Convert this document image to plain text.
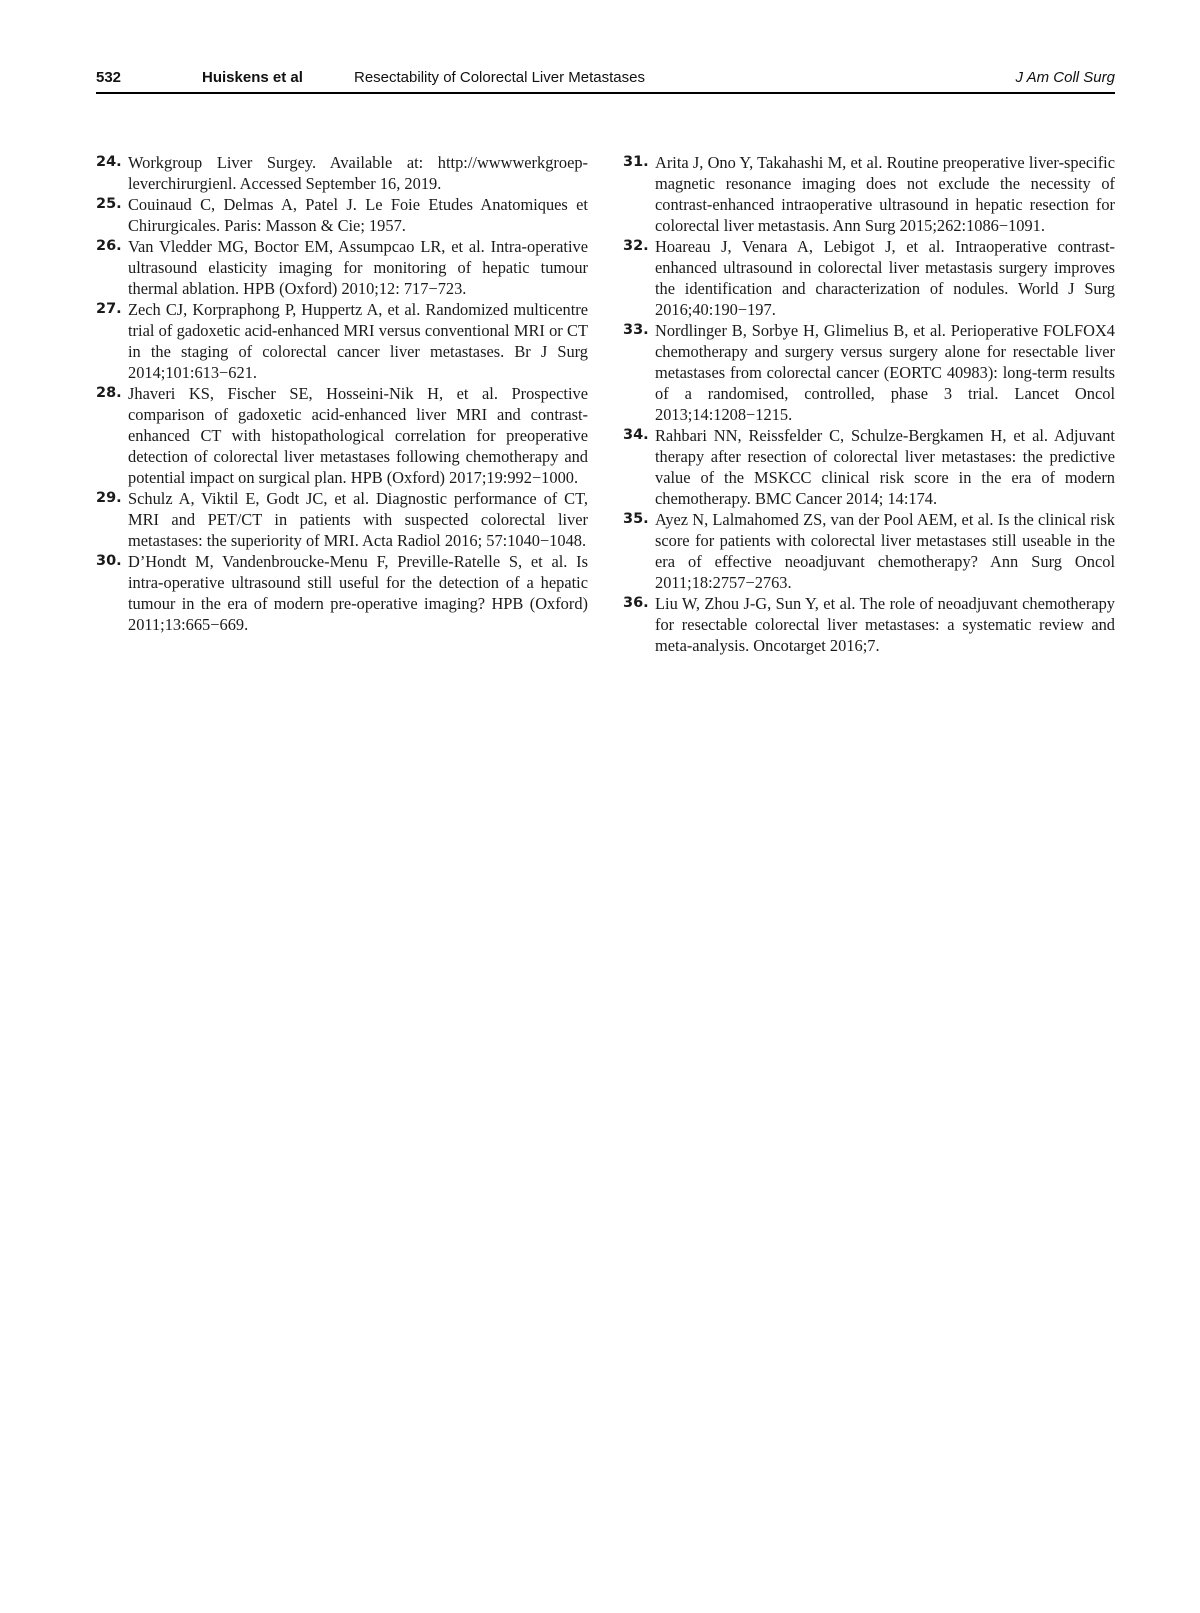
532	Huiskens et al	Resectability of Colorectal Liver Metastases	J Am Coll Surg

24. Workgroup Liver Surgey. Available at: http://wwwwerkgroep-leverchirurgienl. Accessed September 16, 2019.

25. Couinaud C, Delmas A, Patel J. Le Foie Etudes Anatomiques et Chirurgicales. Paris: Masson & Cie; 1957.

26. Van Vledder MG, Boctor EM, Assumpcao LR, et al. Intra-operative ultrasound elasticity imaging for monitoring of hepatic tumour thermal ablation. HPB (Oxford) 2010;12: 717−723.

27. Zech CJ, Korpraphong P, Huppertz A, et al. Randomized multicentre trial of gadoxetic acid-enhanced MRI versus conventional MRI or CT in the staging of colorectal cancer liver metastases. Br J Surg 2014;101:613−621.

28. Jhaveri KS, Fischer SE, Hosseini-Nik H, et al. Prospective comparison of gadoxetic acid-enhanced liver MRI and contrast-enhanced CT with histopathological correlation for preoperative detection of colorectal liver metastases following chemotherapy and potential impact on surgical plan. HPB (Oxford) 2017;19:992−1000.

29. Schulz A, Viktil E, Godt JC, et al. Diagnostic performance of CT, MRI and PET/CT in patients with suspected colorectal liver metastases: the superiority of MRI. Acta Radiol 2016; 57:1040−1048.

30. D’Hondt M, Vandenbroucke-Menu F, Preville-Ratelle S, et al. Is intra-operative ultrasound still useful for the detection of a hepatic tumour in the era of modern pre-operative imaging? HPB (Oxford) 2011;13:665−669.

31. Arita J, Ono Y, Takahashi M, et al. Routine preoperative liver-specific magnetic resonance imaging does not exclude the necessity of contrast-enhanced intraoperative ultrasound in hepatic resection for colorectal liver metastasis. Ann Surg 2015;262:1086−1091.

32. Hoareau J, Venara A, Lebigot J, et al. Intraoperative contrast-enhanced ultrasound in colorectal liver metastasis surgery improves the identification and characterization of nodules. World J Surg 2016;40:190−197.

33. Nordlinger B, Sorbye H, Glimelius B, et al. Perioperative FOLFOX4 chemotherapy and surgery versus surgery alone for resectable liver metastases from colorectal cancer (EORTC 40983): long-term results of a randomised, controlled, phase 3 trial. Lancet Oncol 2013;14:1208−1215.

34. Rahbari NN, Reissfelder C, Schulze-Bergkamen H, et al. Adjuvant therapy after resection of colorectal liver metastases: the predictive value of the MSKCC clinical risk score in the era of modern chemotherapy. BMC Cancer 2014; 14:174.

35. Ayez N, Lalmahomed ZS, van der Pool AEM, et al. Is the clinical risk score for patients with colorectal liver metastases still useable in the era of effective neoadjuvant chemotherapy? Ann Surg Oncol 2011;18:2757−2763.

36. Liu W, Zhou J-G, Sun Y, et al. The role of neoadjuvant chemotherapy for resectable colorectal liver metastases: a systematic review and meta-analysis. Oncotarget 2016;7.
